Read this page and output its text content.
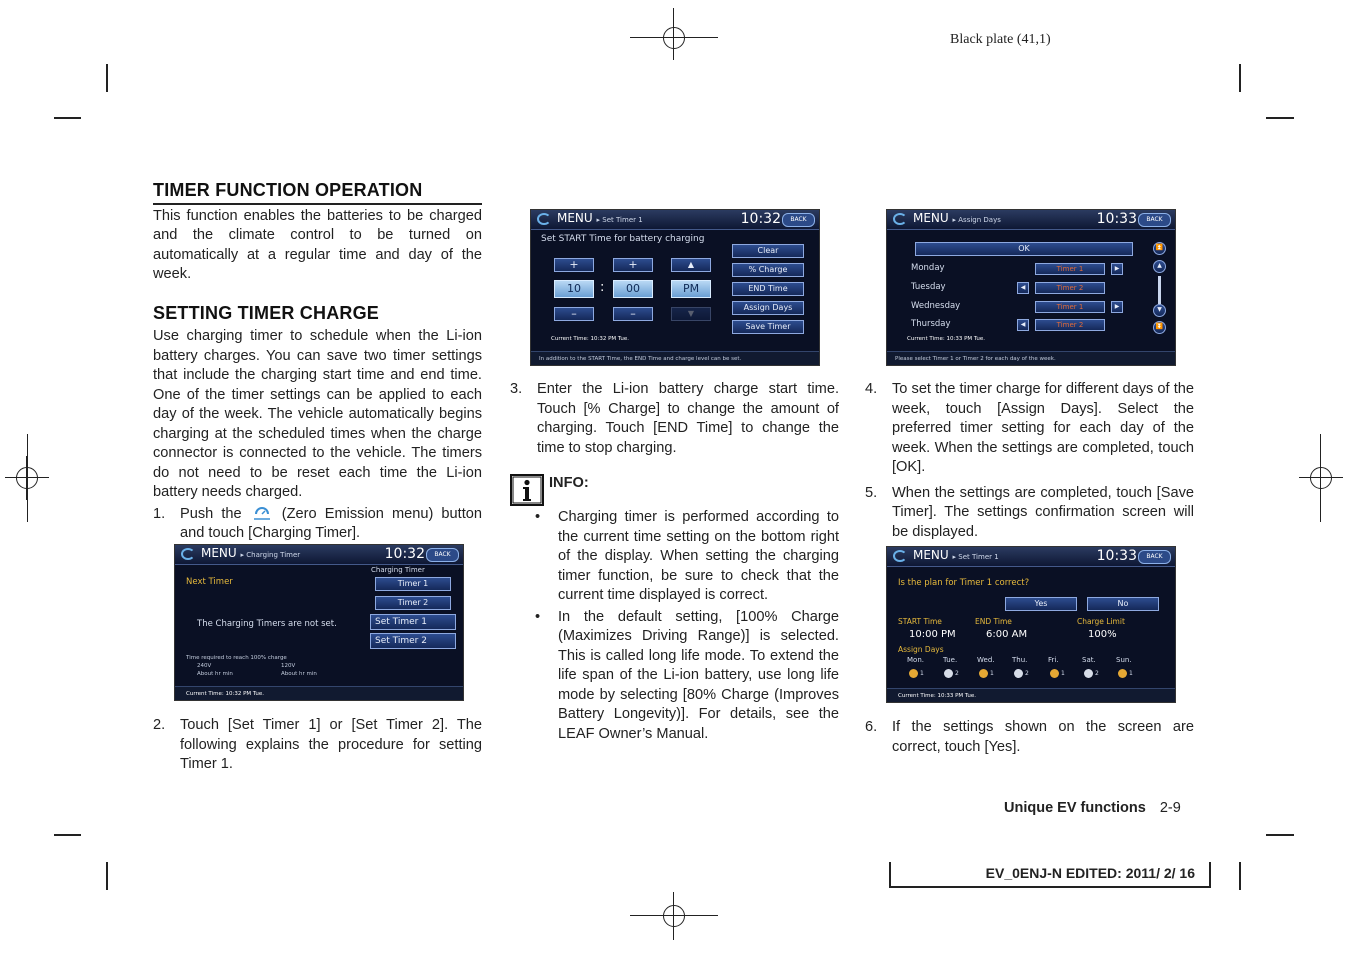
Black plate (41,1)
TIMER FUNCTION OPERATION

This function enables the batteries to be charged and the climate control to be turned on automatically at a regular time and day of the week.

SETTING TIMER CHARGE

Use charging timer to schedule when the Li-ion battery charges. You can save two timer settings that include the charging start time and end time. One of the timer settings can be applied to each day of the week. The vehicle automatically begins charging at the scheduled times when the charge connector is connected to the vehicle. The timers do not need to be reset each time the Li-ion battery needs charged.

1. Push the	(Zero Emission menu) button and touch [Charging Timer].
MENU ▸ Charging Timer	10:32	BACK
Next Timer
Charging Timer
Timer 1
Timer 2
The Charging Timers are not set.	Set Timer 1
Set Timer 2
Time required to reach 100% charge
240V	120V
About hr min	About hr min
Current Time: 10:32 PM Tue.
2. Touch [Set Timer 1] or [Set Timer 2]. The following explains the procedure for setting Timer 1.
MENU ▸ Set Timer 1	10:32	BACK
Set START Time for battery charging
+	+	▲
10	:	00	PM
–	–	▼
Clear
% Charge
END Time
Assign Days
Save Timer
Current Time: 10:32 PM Tue.
In addition to the START Time, the END Time and charge level can be set.
3. Enter the Li-ion battery charge start time. Touch [% Charge] to change the amount of charging. Touch [END Time] to change the time to stop charging.
INFO:
• Charging timer is performed according to the current time setting on the bottom right of the display. When setting the charging timer function, be sure to check that the current time displayed is correct.
• In the default setting, [100% Charge (Maximizes Driving Range)] is selected. This is called long life mode. To extend the life span of the Li-ion battery, use long life mode by selecting [80% Charge (Improves Battery Longevity)]. For details, see the LEAF Owner’s Manual.
MENU ▸ Assign Days	10:33	BACK
OK
Monday	Timer 1	▶
Tuesday	◀	Timer 2
Wednesday	Timer 1	▶
Thursday	◀	Timer 2
⏫
▲
▼
⏬
Current Time: 10:33 PM Tue.
Please select Timer 1 or Timer 2 for each day of the week.
4. To set the timer charge for different days of the week, touch [Assign Days]. Select the preferred timer setting for each day of the week. When the settings are completed, touch [OK].
5. When the settings are completed, touch [Save Timer]. The settings confirmation screen will be displayed.
MENU ▸ Set Timer 1	10:33	BACK
Is the plan for Timer 1 correct?
Yes	No
START Time
10:00 PM
END Time
6:00 AM
Charge Limit
100%
Assign Days
Mon.	Tue.	Wed.	Thu.	Fri.	Sat.	Sun.
1	2	1	2	1	2	1
Current Time: 10:33 PM Tue.
6. If the settings shown on the screen are correct, touch [Yes].
Unique EV functions 2-9
EV_0ENJ-N EDITED: 2011/ 2/ 16
